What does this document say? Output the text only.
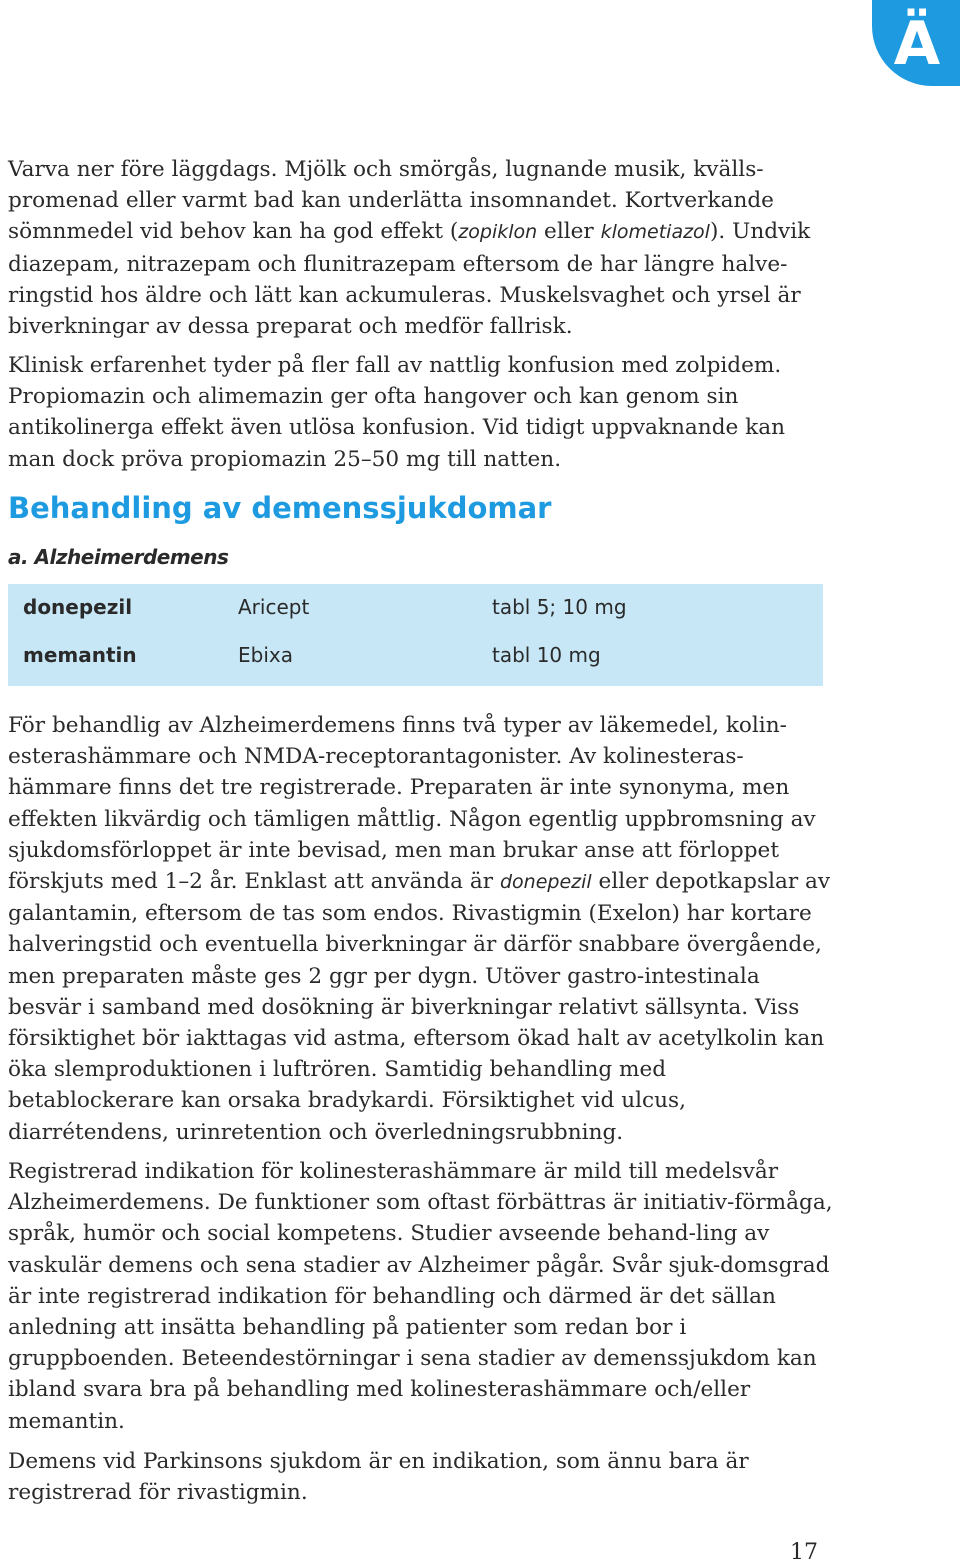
Ä

Varva ner före läggdags. Mjölk och smörgås, lugnande musik, kvälls-promenad eller varmt bad kan underlätta insomnandet. Kortverkande sömnmedel vid behov kan ha god effekt (zopiklon eller klometiazol). Undvik diazepam, nitrazepam och flunitrazepam eftersom de har längre halve-ringstid hos äldre och lätt kan ackumuleras. Muskelsvaghet och yrsel är biverkningar av dessa preparat och medför fallrisk.

Klinisk erfarenhet tyder på fler fall av nattlig konfusion med zolpidem. Propiomazin och alimemazin ger ofta hangover och kan genom sin antikolinerga effekt även utlösa konfusion. Vid tidigt uppvaknande kan man dock pröva propiomazin 25–50 mg till natten.

Behandling av demenssjukdomar
a. Alzheimerdemens
donepezil	Aricept	tabl 5; 10 mg
memantin	Ebixa	tabl 10 mg

För behandlig av Alzheimerdemens finns två typer av läkemedel, kolin-esterashämmare och NMDA-receptorantagonister. Av kolinesteras-hämmare finns det tre registrerade. Preparaten är inte synonyma, men effekten likvärdig och tämligen måttlig. Någon egentlig uppbromsning av sjukdomsförloppet är inte bevisad, men man brukar anse att förloppet förskjuts med 1–2 år. Enklast att använda är donepezil eller depotkapslar av galantamin, eftersom de tas som endos. Rivastigmin (Exelon) har kortare halveringstid och eventuella biverkningar är därför snabbare övergående, men preparaten måste ges 2 ggr per dygn. Utöver gastro-intestinala besvär i samband med dosökning är biverkningar relativt sällsynta. Viss försiktighet bör iakttagas vid astma, eftersom ökad halt av acetylkolin kan öka slemproduktionen i luftrören. Samtidig behandling med betablockerare kan orsaka bradykardi. Försiktighet vid ulcus, diarrétendens, urinretention och överledningsrubbning.

Registrerad indikation för kolinesterashämmare är mild till medelsvår Alzheimerdemens. De funktioner som oftast förbättras är initiativ-förmåga, språk, humör och social kompetens. Studier avseende behand-ling av vaskulär demens och sena stadier av Alzheimer pågår. Svår sjuk-domsgrad är inte registrerad indikation för behandling och därmed är det sällan anledning att insätta behandling på patienter som redan bor i gruppboenden. Beteendestörningar i sena stadier av demenssjukdom kan ibland svara bra på behandling med kolinesterashämmare och/eller memantin.

Demens vid Parkinsons sjukdom är en indikation, som ännu bara är registrerad för rivastigmin.

17
